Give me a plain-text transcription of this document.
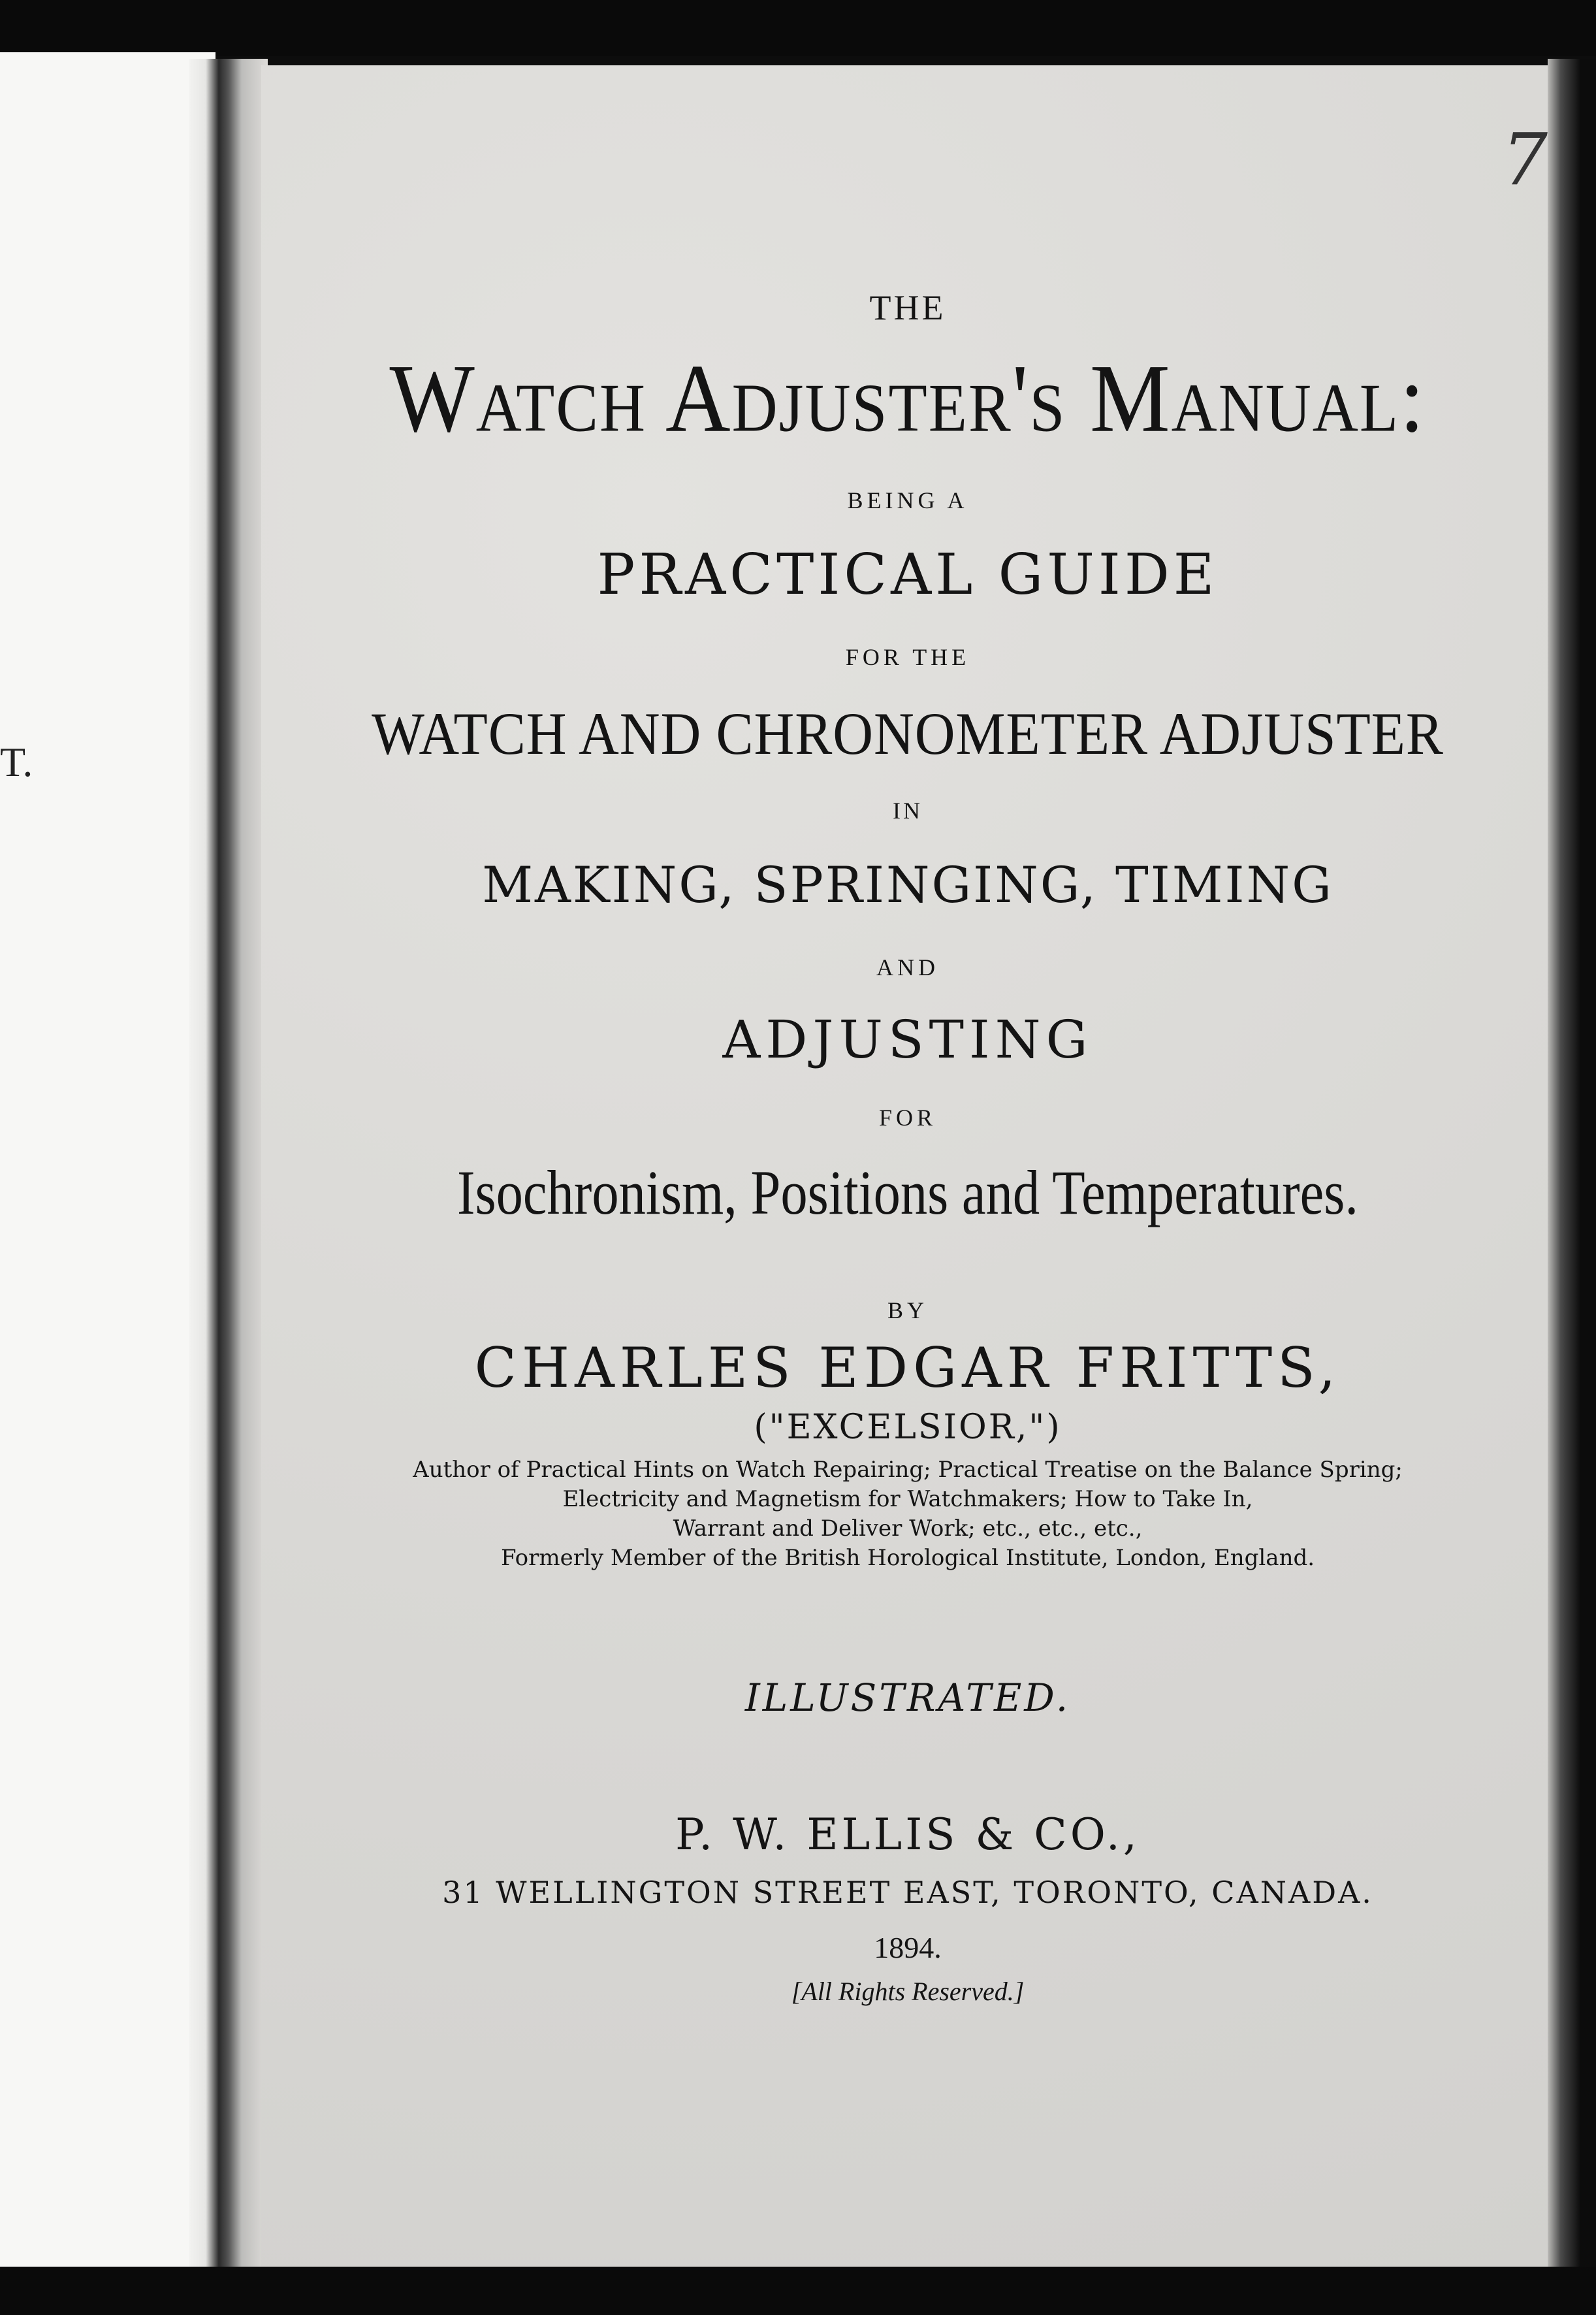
T.
7
THE
Watch Adjuster's Manual:
BEING A
PRACTICAL GUIDE
FOR THE
WATCH AND CHRONOMETER ADJUSTER
IN
MAKING, SPRINGING, TIMING
AND
ADJUSTING
FOR
Isochronism, Positions and Temperatures.
BY
CHARLES EDGAR FRITTS,
("EXCELSIOR,")
Author of Practical Hints on Watch Repairing; Practical Treatise on the Balance Spring;
Electricity and Magnetism for Watchmakers; How to Take In,
Warrant and Deliver Work; etc., etc., etc.,
Formerly Member of the British Horological Institute, London, England.
ILLUSTRATED.
P. W. ELLIS & CO.,
31 WELLINGTON STREET EAST, TORONTO, CANADA.
1894.
[All Rights Reserved.]
